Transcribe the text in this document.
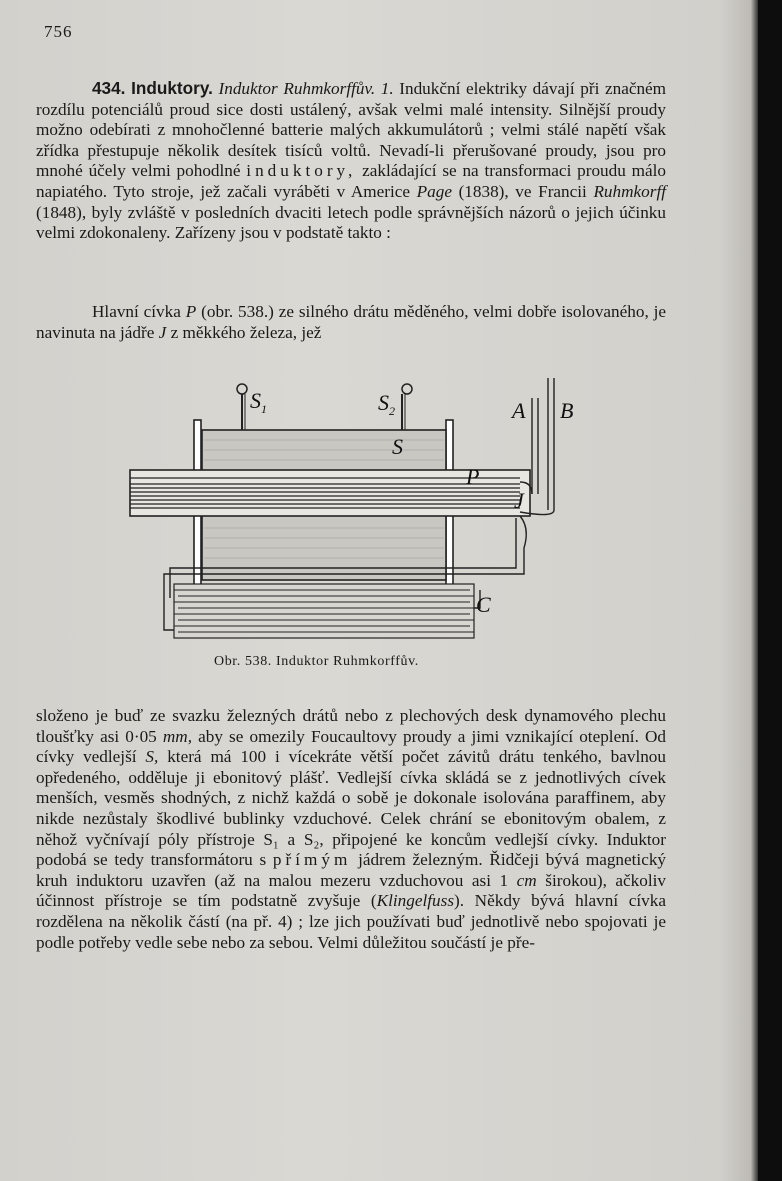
756

434. Induktory. Induktor Ruhmkorffův. 1. Indukční elektriky dávají při značném rozdílu potenciálů proud sice dosti ustálený, avšak velmi malé intensity. Silnější proudy možno odebírati z mnohočlenné batterie malých akkumulátorů ; velmi stálé napětí však zřídka přestupuje několik desítek tisíců voltů. Nevadí-li přerušované proudy, jsou pro mnohé účely velmi pohodlné induktory, zakládající se na transformaci proudu málo napiatého. Tyto stroje, jež začali vyráběti v Americe Page (1838), ve Francii Ruhmkorff (1848), byly zvláště v posledních dvaciti letech podle správnějších názorů o jejich účinku velmi zdokonaleny. Zařízeny jsou v podstatě takto :

Hlavní cívka P (obr. 538.) ze silného drátu měděného, velmi dobře isolovaného, je navinuta na jádře J z měkkého železa, jež

$S_1$	$S_2$
S
A B
P
J
C
Obr. 538. Induktor Ruhmkorffův.

složeno je buď ze svazku železných drátů nebo z plechových desk dynamového plechu tloušťky asi 0·05 mm, aby se omezily Foucaultovy proudy a jimi vznikající oteplení. Od cívky vedlejší S, která má 100 i vícekráte větší počet závitů drátu tenkého, bavlnou opředeného, odděluje ji ebonitový plášť. Vedlejší cívka skládá se z jednotlivých cívek menších, vesměs shodných, z nichž každá o sobě je dokonale isolována paraffinem, aby nikde nezůstaly škodlivé bublinky vzduchové. Celek chrání se ebonitovým obalem, z něhož vyčnívají póly přístroje S₁ a S₂, připojené ke koncům vedlejší cívky. Induktor podobá se tedy transformátoru s přímým jádrem železným. Řidčeji bývá magnetický kruh induktoru uzavřen (až na malou mezeru vzduchovou asi 1 cm širokou), ačkoliv účinnost přístroje se tím podstatně zvyšuje (Klingelfuss). Někdy bývá hlavní cívka rozdělena na několik částí (na př. 4) ; lze jich používati buď jednotlivě nebo spojovati je podle potřeby vedle sebe nebo za sebou. Velmi důležitou součástí je pře-
